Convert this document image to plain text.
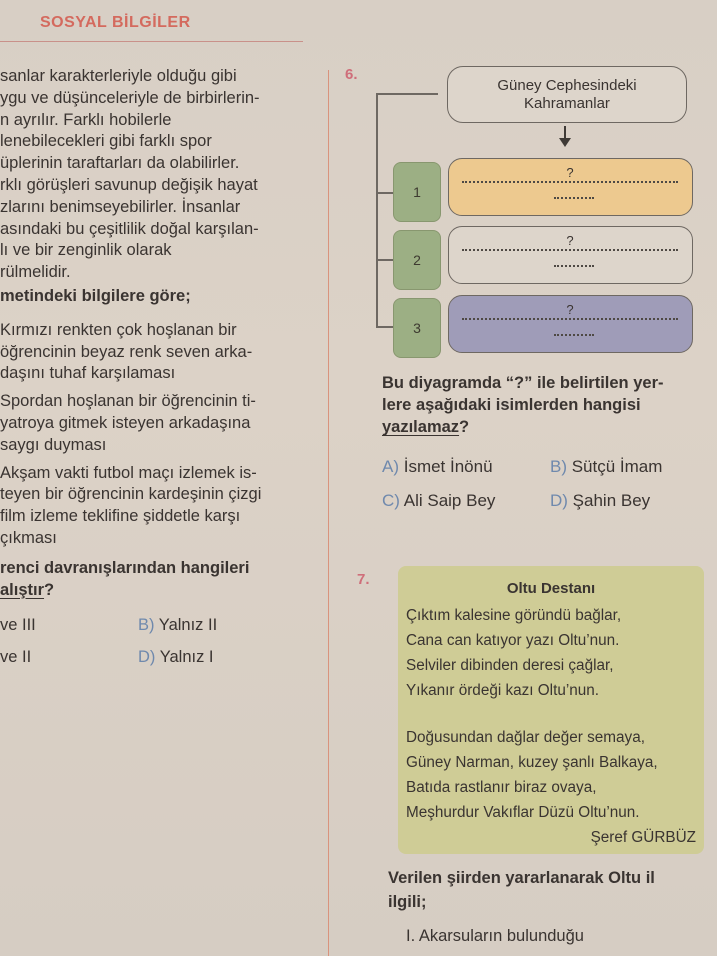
SOSYAL BİLGİLER
sanlar karakterleriyle olduğu gibi
ygu ve düşünceleriyle de birbirlerin-
n ayrılır. Farklı hobilerle
lenebilecekleri gibi farklı spor
üplerinin taraftarları da olabilirler.
rklı görüşleri savunup değişik hayat
zlarını benimseyebilirler. İnsanlar
asındaki bu çeşitlilik doğal karşılan-
lı ve bir zenginlik olarak
rülmelidir.
metindeki bilgilere göre;
Kırmızı renkten çok hoşlanan bir
öğrencinin beyaz renk seven arka-
daşını tuhaf karşılaması
Spordan hoşlanan bir öğrencinin ti-
yatroya gitmek isteyen arkadaşına
saygı duyması
Akşam vakti futbol maçı izlemek is-
teyen bir öğrencinin kardeşinin çizgi
film izleme teklifine şiddetle karşı
çıkması
renci davranışlarından hangileri
alıştır?
ve III	B) Yalnız II
ve II	D) Yalnız I
6.
Güney Cephesindeki
Kahramanlar
1
?
2
?
3
?
Bu diyagramda “?” ile belirtilen yer-
lere aşağıdaki isimlerden hangisi
yazılamaz?
A) İsmet İnönü	B) Sütçü İmam
C) Ali Saip Bey	D) Şahin Bey
7.
Oltu Destanı
Çıktım kalesine göründü bağlar,
Cana can katıyor yazı Oltu’nun.
Selviler dibinden deresi çağlar,
Yıkanır ördeği kazı Oltu’nun.
Doğusundan dağlar değer semaya,
Güney Narman, kuzey şanlı Balkaya,
Batıda rastlanır biraz ovaya,
Meşhurdur Vakıflar Düzü Oltu’nun.
Şeref GÜRBÜZ
Verilen şiirden yararlanarak Oltu il
ilgili;
I. Akarsuların bulunduğu
